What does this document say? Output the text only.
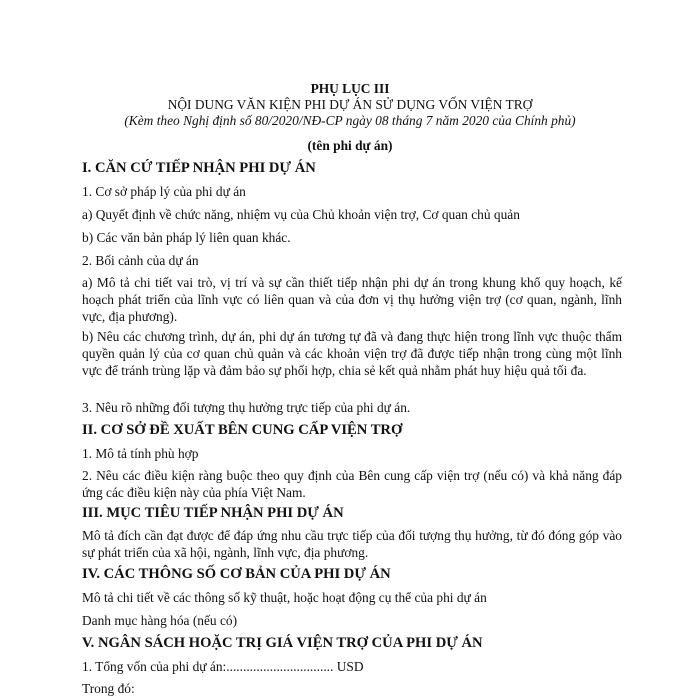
PHỤ LỤC III

NỘI DUNG VĂN KIỆN PHI DỰ ÁN SỬ DỤNG VỐN VIỆN TRỢ

(Kèm theo Nghị định số 80/2020/NĐ-CP ngày 08 tháng 7 năm 2020 của Chính phủ)

(tên phi dự án)

I. CĂN CỨ TIẾP NHẬN PHI DỰ ÁN

1. Cơ sở pháp lý của phi dự án

a) Quyết định về chức năng, nhiệm vụ của Chủ khoản viện trợ, Cơ quan chủ quản

b) Các văn bản pháp lý liên quan khác.

2. Bối cảnh của dự án

a) Mô tả chi tiết vai trò, vị trí và sự cần thiết tiếp nhận phi dự án trong khung khổ quy hoạch, kế hoạch phát triển của lĩnh vực có liên quan và của đơn vị thụ hưởng viện trợ (cơ quan, ngành, lĩnh vực, địa phương).

b) Nêu các chương trình, dự án, phi dự án tương tự đã và đang thực hiện trong lĩnh vực thuộc thẩm quyền quản lý của cơ quan chủ quản và các khoản viện trợ đã được tiếp nhận trong cùng một lĩnh vực để tránh trùng lặp và đảm bảo sự phối hợp, chia sẻ kết quả nhằm phát huy hiệu quả tối đa.

3. Nêu rõ những đối tượng thụ hưởng trực tiếp của phi dự án.

II. CƠ SỞ ĐỀ XUẤT BÊN CUNG CẤP VIỆN TRỢ

1. Mô tả tính phù hợp

2. Nêu các điều kiện ràng buộc theo quy định của Bên cung cấp viện trợ (nếu có) và khả năng đáp ứng các điều kiện này của phía Việt Nam.

III. MỤC TIÊU TIẾP NHẬN PHI DỰ ÁN

Mô tả đích cần đạt được để đáp ứng nhu cầu trực tiếp của đối tượng thụ hưởng, từ đó đóng góp vào sự phát triển của xã hội, ngành, lĩnh vực, địa phương.

IV. CÁC THÔNG SỐ CƠ BẢN CỦA PHI DỰ ÁN

Mô tả chi tiết về các thông số kỹ thuật, hoặc hoạt động cụ thể của phi dự án

Danh mục hàng hóa (nếu có)

V. NGÂN SÁCH HOẶC TRỊ GIÁ VIỆN TRỢ CỦA PHI DỰ ÁN

1. Tổng vốn của phi dự án:................................ USD

Trong đó:
